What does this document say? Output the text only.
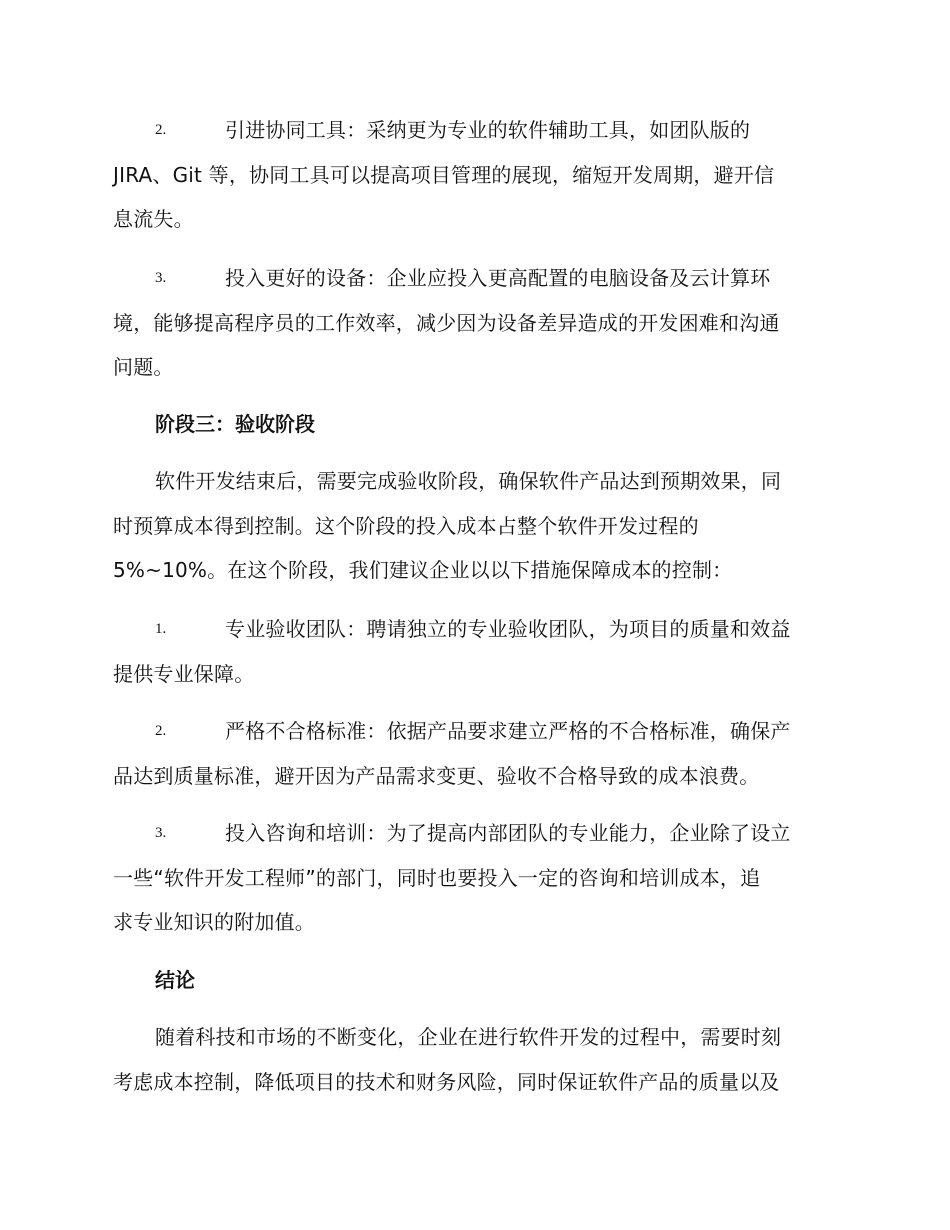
2.	引进协同工具：采纳更为专业的软件辅助工具，如团队版的
JIRA、Git 等，协同工具可以提高项目管理的展现，缩短开发周期，避开信
息流失。
3.	投入更好的设备：企业应投入更高配置的电脑设备及云计算环
境，能够提高程序员的工作效率，减少因为设备差异造成的开发困难和沟通
问题。
阶段三：验收阶段
软件开发结束后，需要完成验收阶段，确保软件产品达到预期效果，同
时预算成本得到控制。这个阶段的投入成本占整个软件开发过程的
5%~10%。在这个阶段，我们建议企业以以下措施保障成本的控制：
1.	专业验收团队：聘请独立的专业验收团队，为项目的质量和效益
提供专业保障。
2.	严格不合格标准：依据产品要求建立严格的不合格标准，确保产
品达到质量标准，避开因为产品需求变更、验收不合格导致的成本浪费。
3.	投入咨询和培训：为了提高内部团队的专业能力，企业除了设立
一些“软件开发工程师”的部门，同时也要投入一定的咨询和培训成本，追
求专业知识的附加值。
结论
随着科技和市场的不断变化，企业在进行软件开发的过程中，需要时刻
考虑成本控制，降低项目的技术和财务风险，同时保证软件产品的质量以及
